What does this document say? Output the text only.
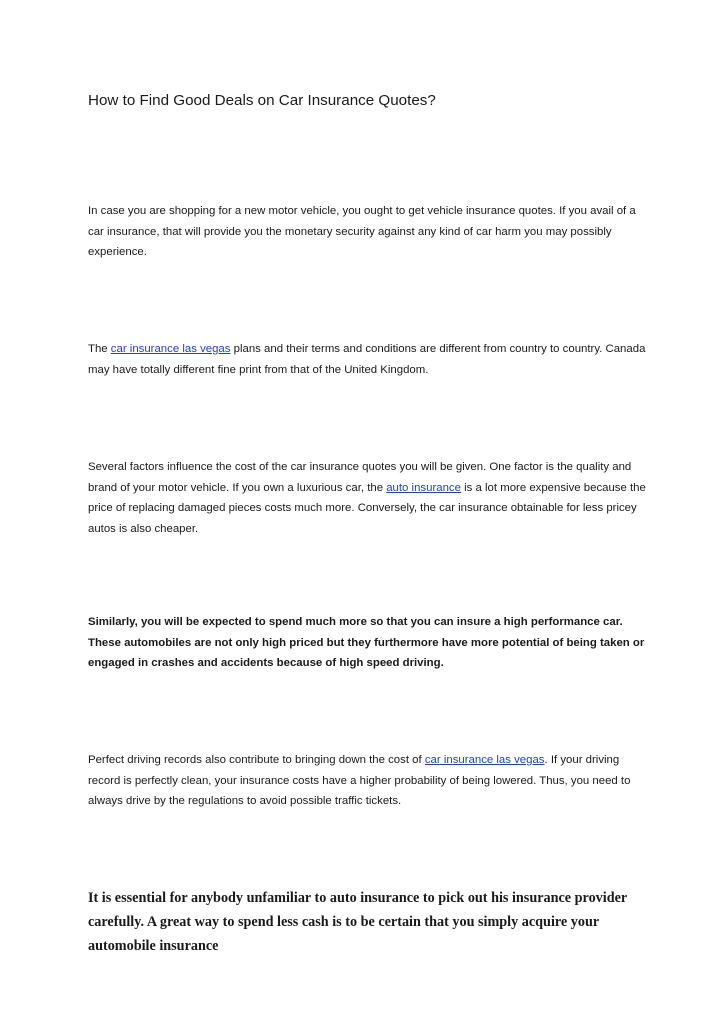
How to Find Good Deals on Car Insurance Quotes?

In case you are shopping for a new motor vehicle, you ought to get vehicle insurance quotes. If you avail of a car insurance, that will provide you the monetary security against any kind of car harm you may possibly experience.

The car insurance las vegas plans and their terms and conditions are different from country to country. Canada may have totally different fine print from that of the United Kingdom.

Several factors influence the cost of the car insurance quotes you will be given. One factor is the quality and brand of your motor vehicle. If you own a luxurious car, the auto insurance is a lot more expensive because the price of replacing damaged pieces costs much more. Conversely, the car insurance obtainable for less pricey autos is also cheaper.

Similarly, you will be expected to spend much more so that you can insure a high performance car. These automobiles are not only high priced but they furthermore have more potential of being taken or engaged in crashes and accidents because of high speed driving.

Perfect driving records also contribute to bringing down the cost of car insurance las vegas. If your driving record is perfectly clean, your insurance costs have a higher probability of being lowered. Thus, you need to always drive by the regulations to avoid possible traffic tickets.

It is essential for anybody unfamiliar to auto insurance to pick out his insurance provider carefully. A great way to spend less cash is to be certain that you simply acquire your automobile insurance
